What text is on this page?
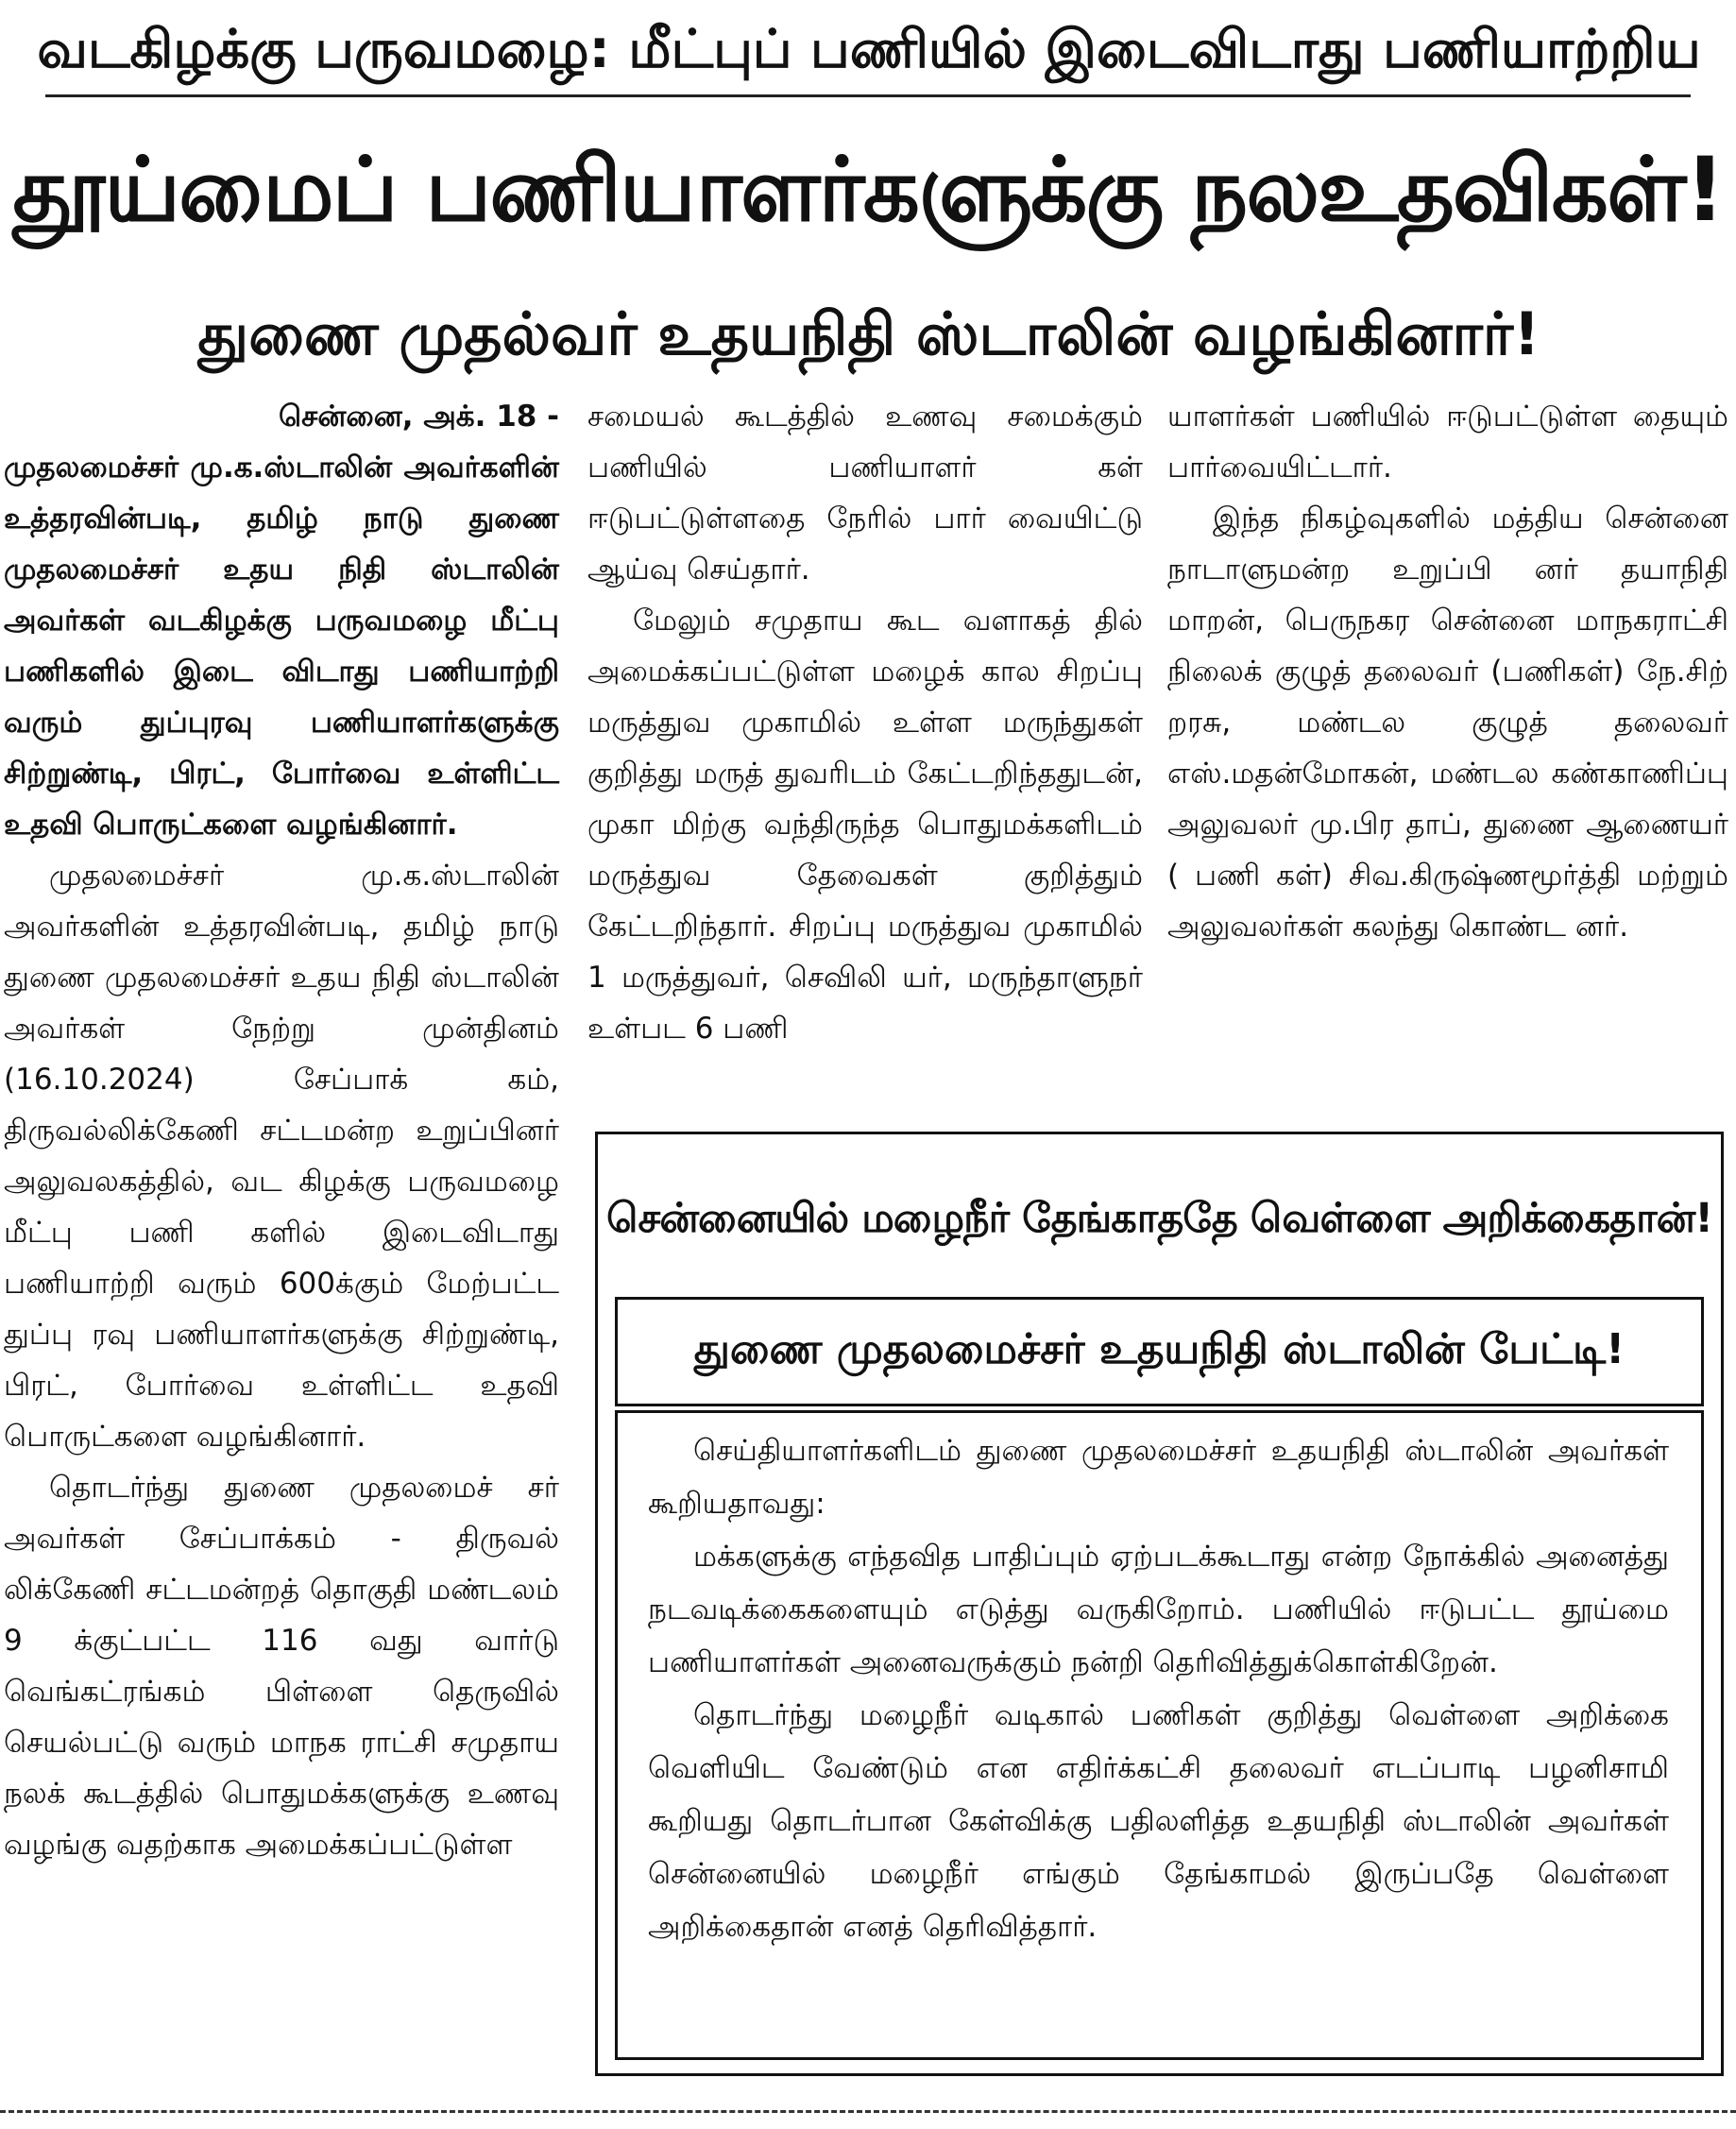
வடகிழக்கு பருவமழை: மீட்புப் பணியில் இடைவிடாது பணியாற்றிய
தூய்மைப் பணியாளர்களுக்கு நலஉதவிகள்!
துணை முதல்வர் உதயநிதி ஸ்டாலின் வழங்கினார்!
சென்னை, அக். 18 -

முதலமைச்சர் மு.க.ஸ்டாலின் அவர்களின் உத்தரவின்படி, தமிழ் நாடு துணை முதலமைச்சர் உதய நிதி ஸ்டாலின் அவர்கள் வடகிழக்கு பருவமழை மீட்பு பணிகளில் இடை விடாது பணியாற்றி வரும் துப்புரவு பணியாளர்களுக்கு சிற்றுண்டி, பிரட், போர்வை உள்ளிட்ட உதவி பொருட்களை வழங்கினார்.

முதலமைச்சர் மு.க.ஸ்டாலின் அவர்களின் உத்தரவின்படி, தமிழ் நாடு துணை முதலமைச்சர் உதய நிதி ஸ்டாலின் அவர்கள் நேற்று முன்தினம் (16.10.2024) சேப்பாக் கம், திருவல்லிக்கேணி சட்டமன்ற உறுப்பினர் அலுவலகத்தில், வட கிழக்கு பருவமழை மீட்பு பணி களில் இடைவிடாது பணியாற்றி வரும் 600க்கும் மேற்பட்ட துப்பு ரவு பணியாளர்களுக்கு சிற்றுண்டி, பிரட், போர்வை உள்ளிட்ட உதவி பொருட்களை வழங்கினார்.

தொடர்ந்து துணை முதலமைச் சர் அவர்கள் சேப்பாக்கம் - திருவல் லிக்கேணி சட்டமன்றத் தொகுதி மண்டலம் 9 க்குட்பட்ட 116 வது வார்டு வெங்கட்ரங்கம் பிள்ளை தெருவில் செயல்பட்டு வரும் மாநக ராட்சி சமுதாய நலக் கூடத்தில் பொதுமக்களுக்கு உணவு வழங்கு வதற்காக அமைக்கப்பட்டுள்ள

சமையல் கூடத்தில் உணவு சமைக்கும் பணியில் பணியாளர் கள் ஈடுபட்டுள்ளதை நேரில் பார் வையிட்டு ஆய்வு செய்தார்.

மேலும் சமுதாய கூட வளாகத் தில் அமைக்கப்பட்டுள்ள மழைக் கால சிறப்பு மருத்துவ முகாமில் உள்ள மருந்துகள் குறித்து மருத் துவரிடம் கேட்டறிந்ததுடன், முகா மிற்கு வந்திருந்த பொதுமக்களிடம் மருத்துவ தேவைகள் குறித்தும் கேட்டறிந்தார். சிறப்பு மருத்துவ முகாமில் 1 மருத்துவர், செவிலி யர், மருந்தாளுநர் உள்பட 6 பணி

யாளர்கள் பணியில் ஈடுபட்டுள்ள தையும் பார்வையிட்டார்.

இந்த நிகழ்வுகளில் மத்திய சென்னை நாடாளுமன்ற உறுப்பி னர் தயாநிதி மாறன், பெருநகர சென்னை மாநகராட்சி நிலைக் குழுத் தலைவர் (பணிகள்) நே.சிற் றரசு, மண்டல குழுத் தலைவர் எஸ்.மதன்மோகன், மண்டல கண்காணிப்பு அலுவலர் மு.பிர தாப், துணை ஆணையர் ( பணி கள்) சிவ.கிருஷ்ணமூர்த்தி மற்றும் அலுவலர்கள் கலந்து கொண்ட னர்.

சென்னையில் மழைநீர் தேங்காததே வெள்ளை அறிக்கைதான்!
துணை முதலமைச்சர் உதயநிதி ஸ்டாலின் பேட்டி!

செய்தியாளர்களிடம் துணை முதலமைச்சர் உதயநிதி ஸ்டாலின் அவர்கள் கூறியதாவது:

மக்களுக்கு எந்தவித பாதிப்பும் ஏற்படக்கூடாது என்ற நோக்கில் அனைத்து நடவடிக்கைகளையும் எடுத்து வருகிறோம். பணியில் ஈடுபட்ட தூய்மை பணியாளர்கள் அனைவருக்கும் நன்றி தெரிவித்துக்கொள்கிறேன்.

தொடர்ந்து மழைநீர் வடிகால் பணிகள் குறித்து வெள்ளை அறிக்கை வெளியிட வேண்டும் என எதிர்க்கட்சி தலைவர் எடப்பாடி பழனிசாமி கூறியது தொடர்பான கேள்விக்கு பதிலளித்த உதயநிதி ஸ்டாலின் அவர்கள் சென்னையில் மழைநீர் எங்கும் தேங்காமல் இருப்பதே வெள்ளை அறிக்கைதான் எனத் தெரிவித்தார்.
